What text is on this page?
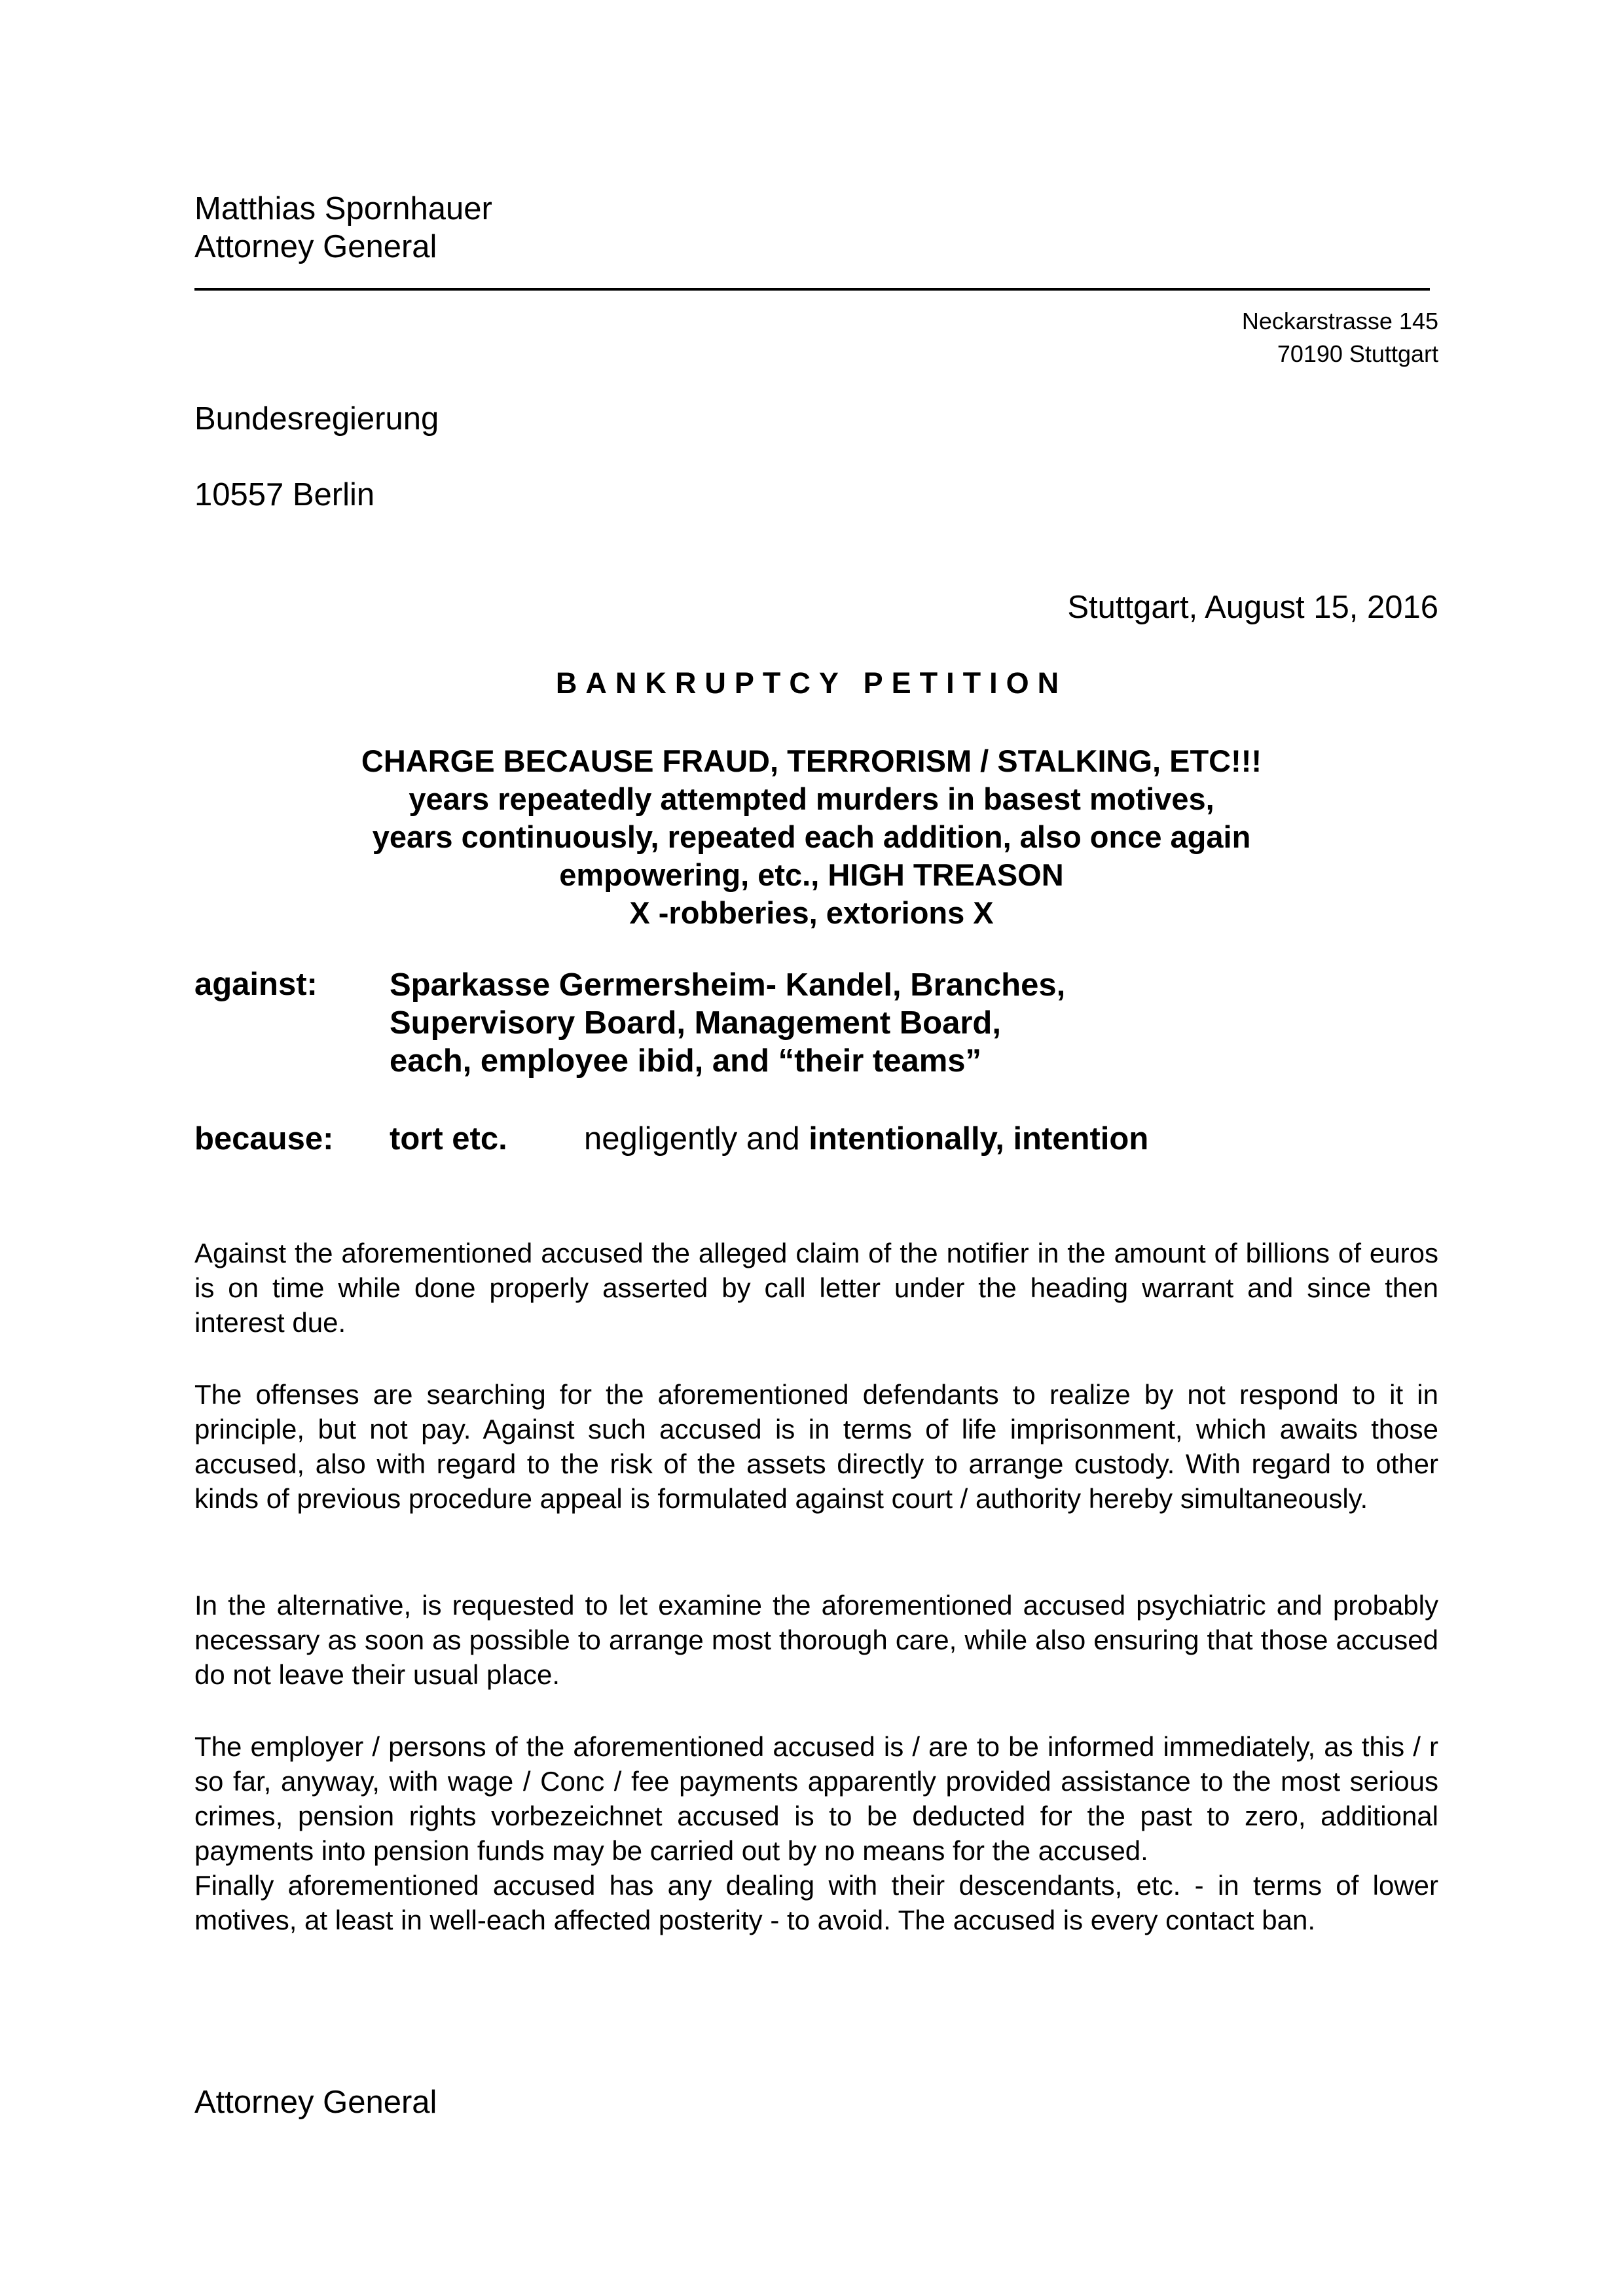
Matthias Spornhauer
Attorney General
Neckarstrasse 145
70190 Stuttgart
Bundesregierung
10557 Berlin
Stuttgart, August 15, 2016
BANKRUPTCY PETITION
CHARGE BECAUSE FRAUD, TERRORISM / STALKING, ETC!!!
years repeatedly attempted murders in basest motives,
years continuously, repeated each addition, also once again
empowering, etc., HIGH TREASON
X -robberies, extorions X
against: Sparkasse Germersheim- Kandel, Branches,
Supervisory Board, Management Board,
each, employee ibid, and “their teams”
because: tort etc. negligently and intentionally, intention

Against the aforementioned accused the alleged claim of the notifier in the amount of billions of euros is on time while done properly asserted by call letter under the heading warrant and since then interest due.

The offenses are searching for the aforementioned defendants to realize by not respond to it in principle, but not pay. Against such accused is in terms of life imprisonment, which awaits those accused, also with regard to the risk of the assets directly to arrange custody. With regard to other kinds of previous procedure appeal is formulated against court / authority hereby simultaneously.

In the alternative, is requested to let examine the aforementioned accused psychiatric and probably necessary as soon as possible to arrange most thorough care, while also ensuring that those accused do not leave their usual place.

The employer / persons of the aforementioned accused is / are to be informed immediately, as this / r so far, anyway, with wage / Conc / fee payments apparently provided assistance to the most serious crimes, pension rights vorbezeichnet accused is to be deducted for the past to zero, additional payments into pension funds may be carried out by no means for the accused.

Finally aforementioned accused has any dealing with their descendants, etc. - in terms of lower motives, at least in well-each affected posterity - to avoid. The accused is every contact ban.

Attorney General
